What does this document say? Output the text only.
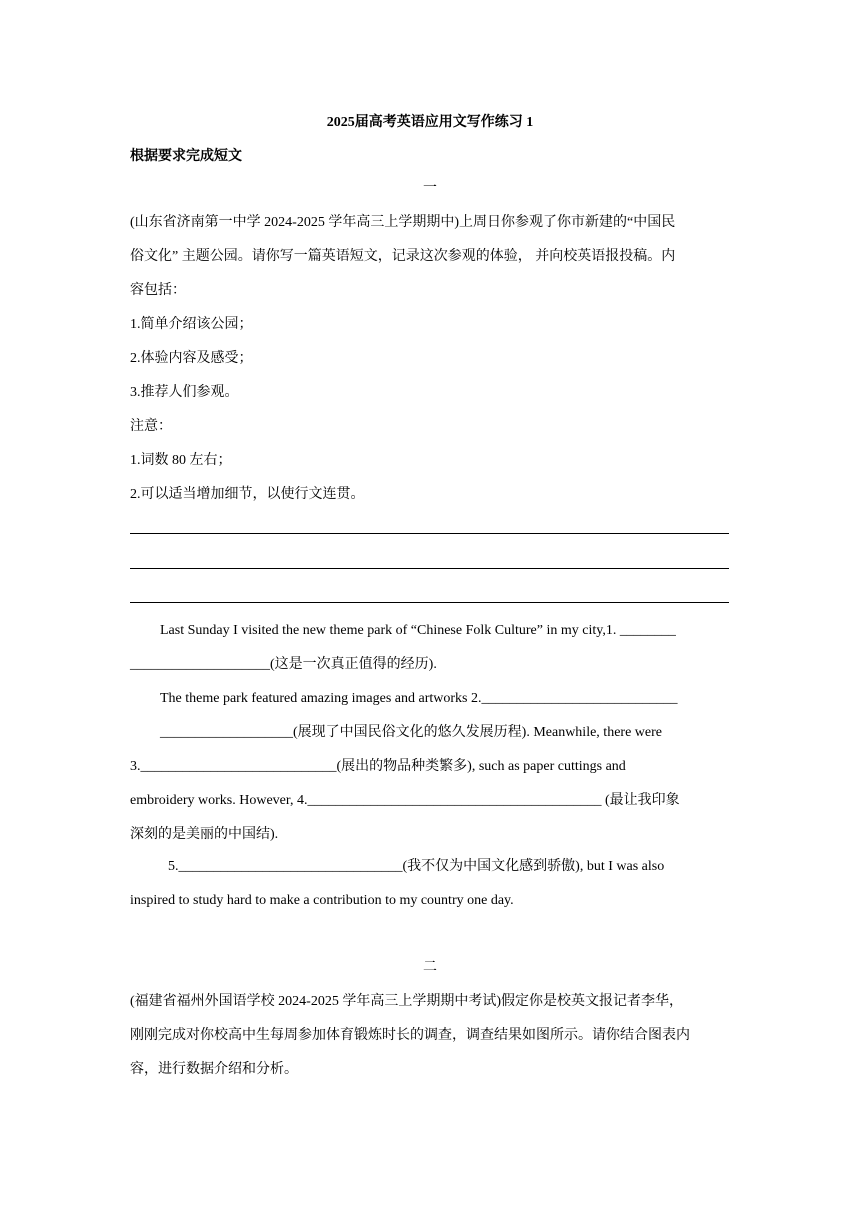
2025届高考英语应用文写作练习 1
根据要求完成短文
一
(山东省济南第一中学 2024-2025 学年高三上学期期中)上周日你参观了你市新建的“中国民
俗文化” 主题公园。请你写一篇英语短文，记录这次参观的体验， 并向校英语报投稿。内
容包括：
1.简单介绍该公园；
2.体验内容及感受；
3.推荐人们参观。
注意：
1.词数 80 左右；
2.可以适当增加细节，以使行文连贯。
Last Sunday I visited the new theme park of “Chinese Folk Culture” in my city,1. ________
____________________(这是一次真正值得的经历).
The theme park featured amazing images and artworks 2.____________________________
___________________(展现了中国民俗文化的悠久发展历程). Meanwhile, there were
3.____________________________(展出的物品种类繁多), such as paper cuttings and
embroidery works. However, 4.__________________________________________ (最让我印象
深刻的是美丽的中国结).
5.________________________________(我不仅为中国文化感到骄傲), but I was also
inspired to study hard to make a contribution to my country one day.
二
(福建省福州外国语学校 2024-2025 学年高三上学期期中考试)假定你是校英文报记者李华，
刚刚完成对你校高中生每周参加体育锻炼时长的调查，调查结果如图所示。请你结合图表内
容，进行数据介绍和分析。
